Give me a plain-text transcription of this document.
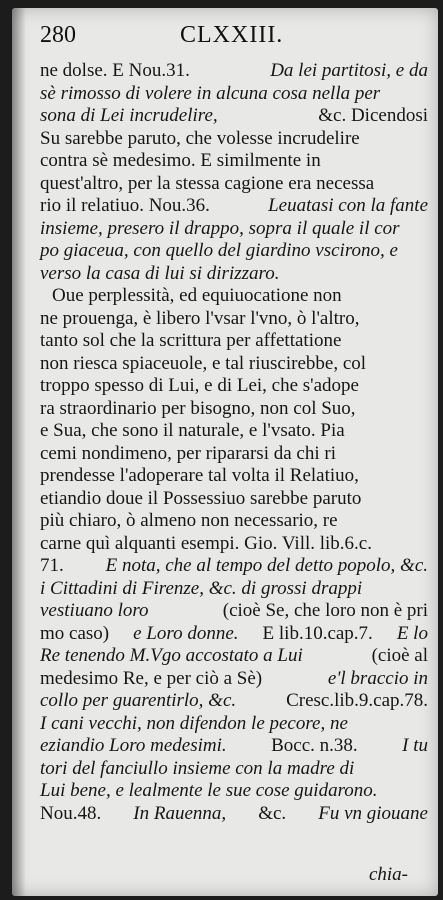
280	CLXXIII.
ne dolse. E Nou.31.	Da lei partitosi, e da
sè rimosso di volere in alcuna cosa nella per
sona di Lei incrudelire,	&c. Dicendosi
Su sarebbe paruto, che volesse incrudelire
contra sè medesimo. E similmente in
quest'altro, per la stessa cagione era necessa
rio il relatiuo. Nou.36.	Leuatasi con la fante
insieme, presero il drappo, sopra il quale il cor
po giaceua, con quello del giardino vscirono, e
verso la casa di lui si dirizzaro.
Oue perplessità, ed equiuocatione non
ne prouenga, è libero l'vsar l'vno, ò l'altro,
tanto sol che la scrittura per affettatione
non riesca spiaceuole, e tal riuscirebbe, col
troppo spesso di Lui, e di Lei, che s'adope
ra straordinario per bisogno, non col Suo,
e Sua, che sono il naturale, e l'vsato. Pia
cemi nondimeno, per ripararsi da chi ri
prendesse l'adoperare tal volta il Relatiuo,
etiandio doue il Possessiuo sarebbe paruto
più chiaro, ò almeno non necessario, re
carne quì alquanti esempi. Gio. Vill. lib.6.c.
71. E nota, che al tempo del detto popolo, &c.
i Cittadini di Firenze, &c. di grossi drappi
vestiuano loro	(cioè Se, che loro non è pri
mo caso) e Loro donne. E lib.10.cap.7. E lo
Re tenendo M.Vgo accostato a Lui	(cioè al
medesimo Re, e per ciò a Sè)	e'l braccio in
collo per guarentirlo, &c. Cresc.lib.9.cap.78.
I cani vecchi, non difendon le pecore, ne
eziandio Loro medesimi. Bocc. n.38. I tu
tori del fanciullo insieme con la madre di
Lui bene, e lealmente le sue cose guidarono.
Nou.48. In Rauenna, &c. Fu vn giouane
chia-
